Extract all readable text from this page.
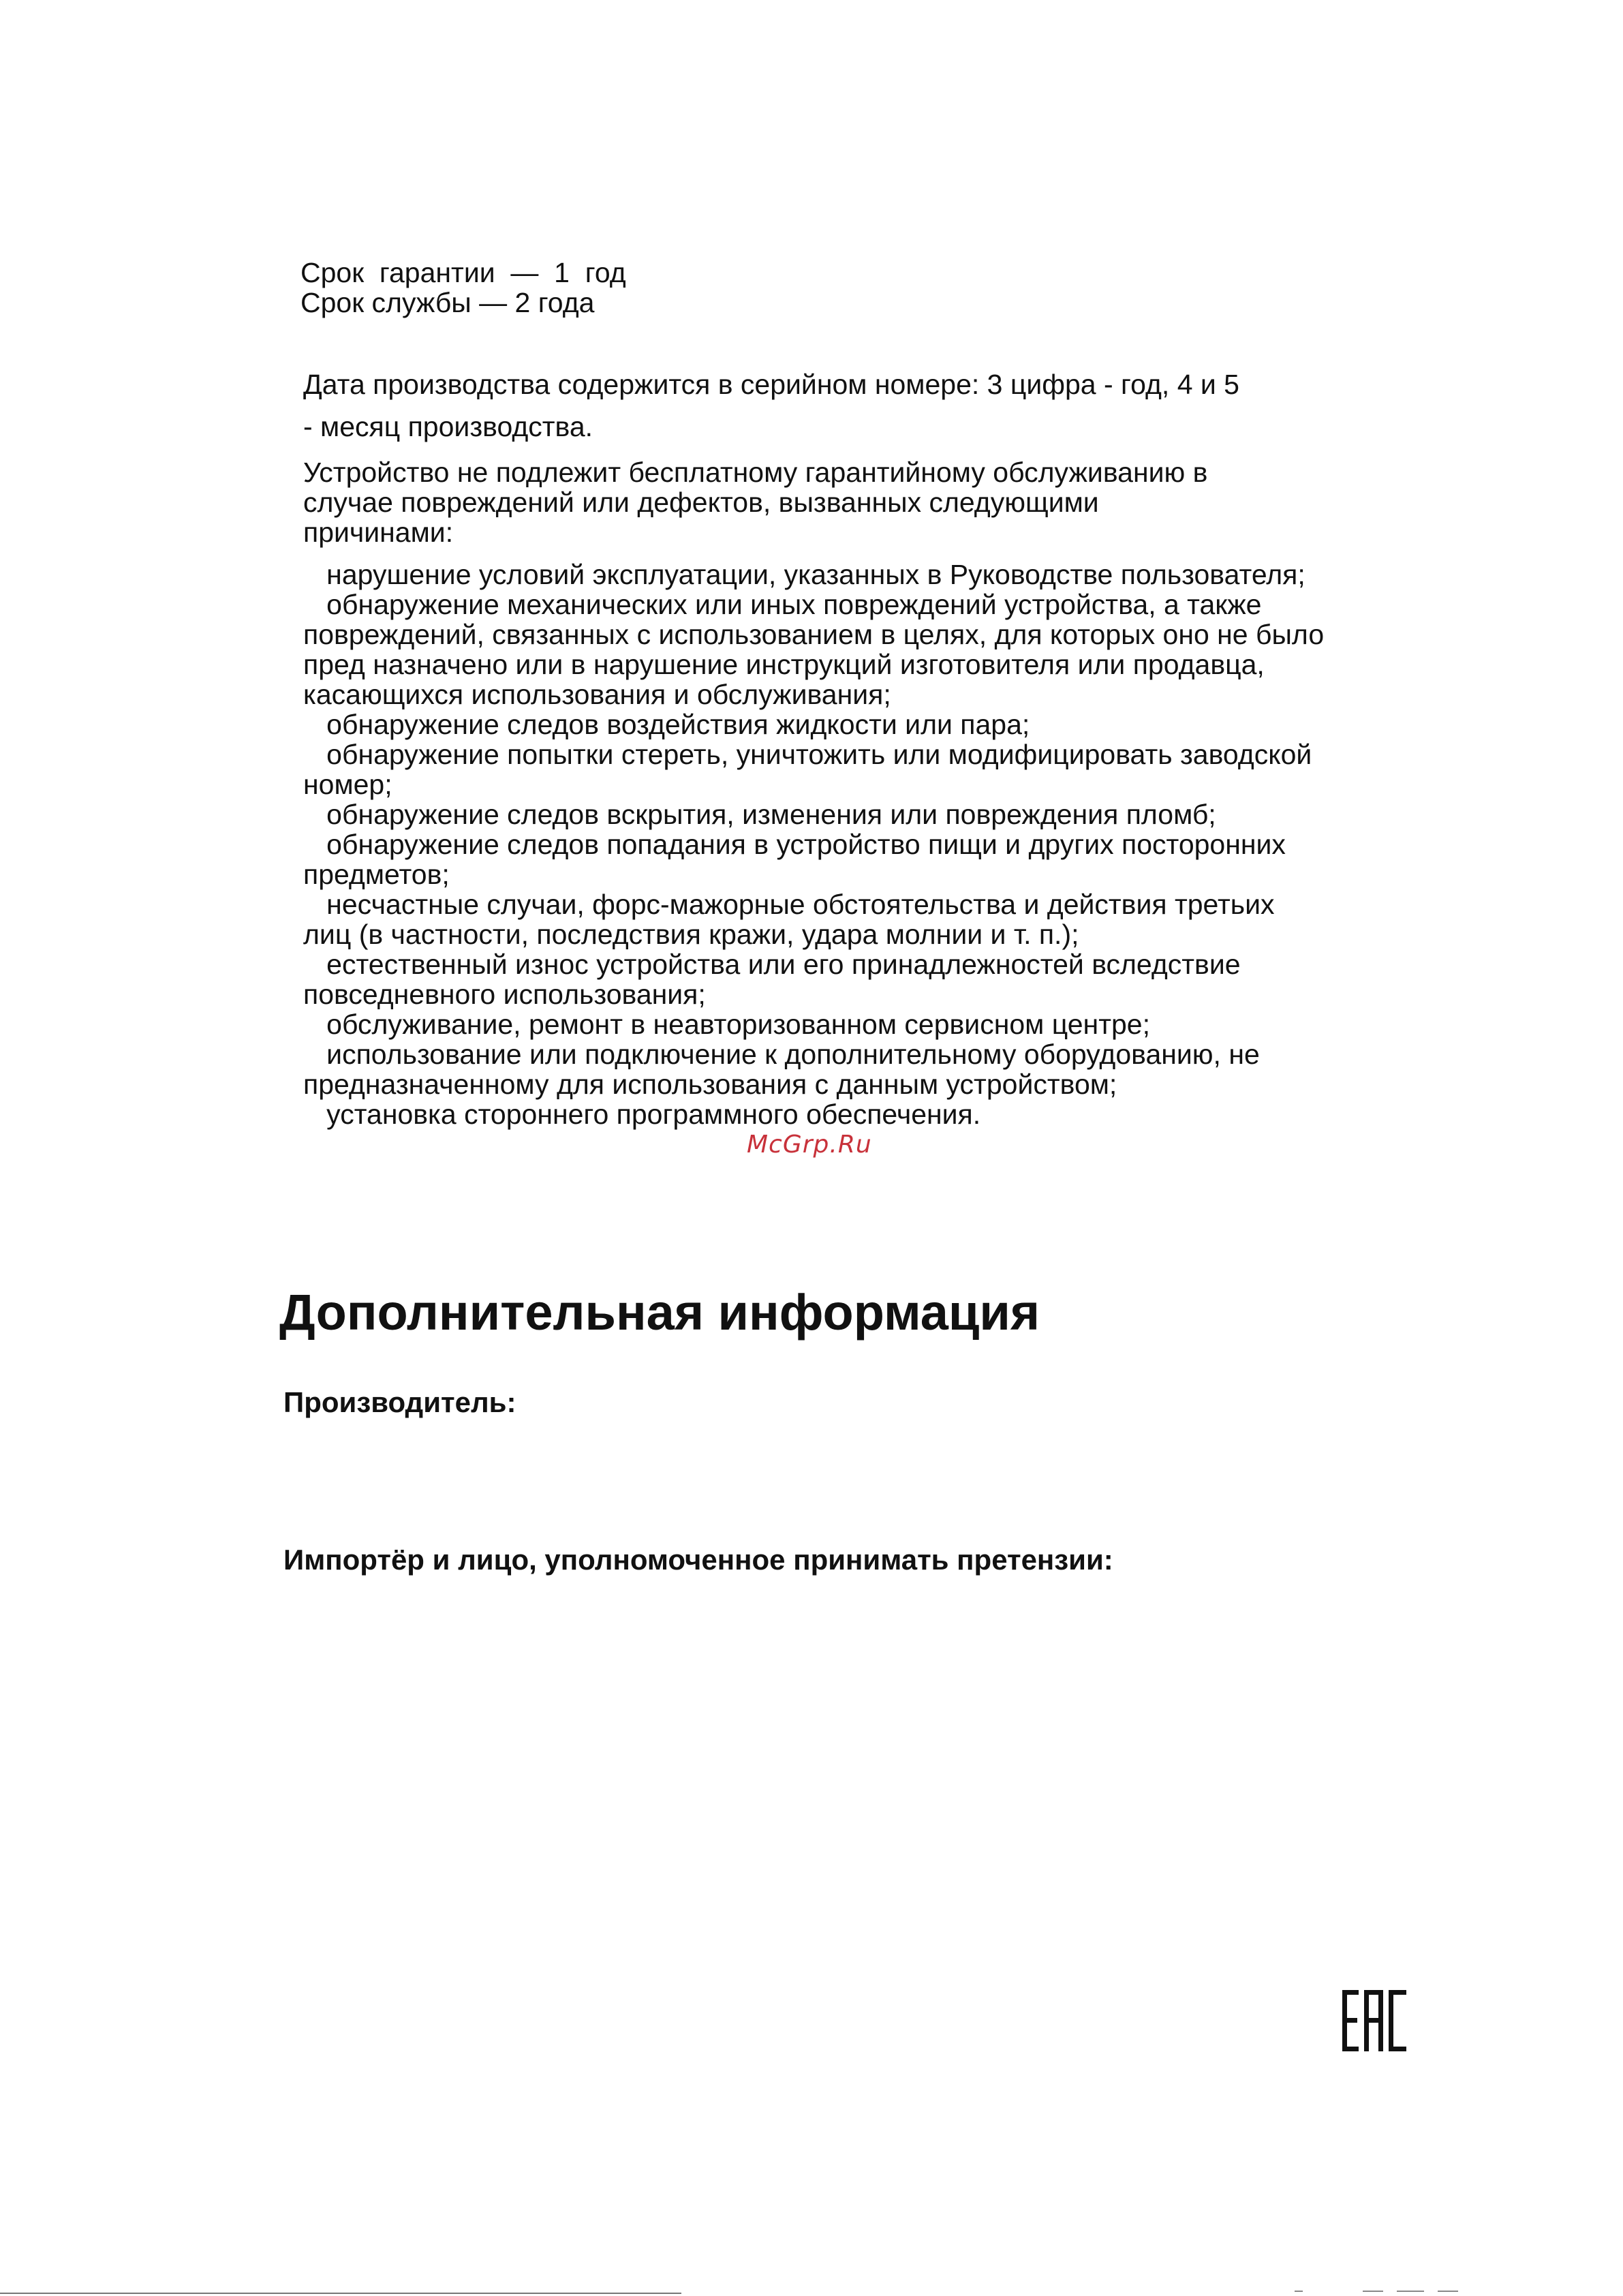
Срок  гарантии  —  1  год
Срок службы — 2 года
Дата производства содержится в серийном номере: 3 цифра - год, 4 и 5
- месяц производства.
Устройство не подлежит бесплатному гарантийному обслуживанию в
случае повреждений или дефектов, вызванных следующими
причинами:
нарушение условий эксплуатации, указанных в Руководстве пользователя;
обнаружение механических или иных повреждений устройства, а также
повреждений, связанных с использованием в целях, для которых оно не было
пред назначено или в нарушение инструкций изготовителя или продавца,
касающихся использования и обслуживания;
обнаружение следов воздействия жидкости или пара;
обнаружение попытки стереть, уничтожить или модифицировать заводской
номер;
обнаружение следов вскрытия, изменения или повреждения пломб;
обнаружение следов попадания в устройство пищи и других посторонних
предметов;
несчастные случаи, форс-мажорные обстоятельства и действия третьих
лиц (в частности, последствия кражи, удара молнии и т. п.);
естественный износ устройства или его принадлежностей вследствие
повседневного использования;
обслуживание, ремонт в неавторизованном сервисном центре;
использование или подключение к дополнительному оборудованию, не
предназначенному для использования с данным устройством;
установка стороннего программного обеспечения.
McGrp.Ru
Дополнительная информация
Производитель:
Импортёр и лицо, уполномоченное принимать претензии:
